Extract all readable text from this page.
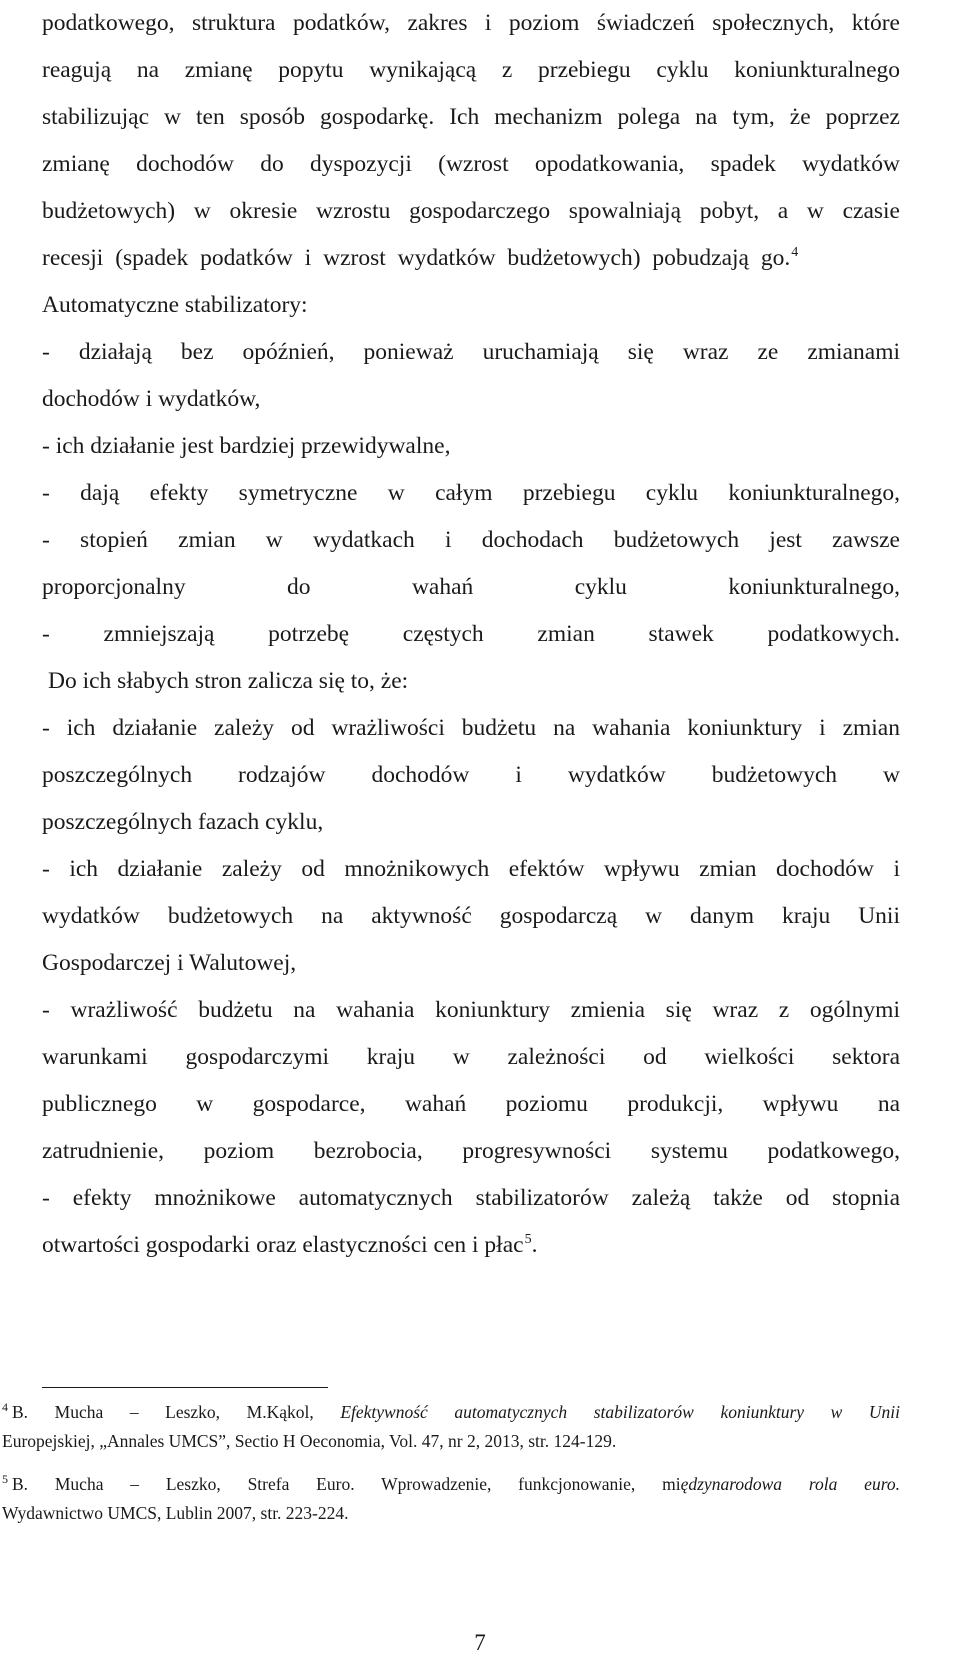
podatkowego, struktura podatków, zakres i poziom świadczeń społecznych, które
reagują na zmianę popytu wynikającą z przebiegu cyklu koniunkturalnego
stabilizując w ten sposób gospodarkę. Ich mechanizm polega na tym, że poprzez
zmianę dochodów do dyspozycji (wzrost opodatkowania, spadek wydatków
budżetowych) w okresie wzrostu gospodarczego spowalniają pobyt, a w czasie
recesji (spadek podatków i wzrost wydatków budżetowych) pobudzają go.$^4$
Automatyczne stabilizatory:
- działają bez opóźnień, ponieważ uruchamiają się wraz ze zmianami
dochodów i wydatków,
- ich działanie jest bardziej przewidywalne,
- dają efekty symetryczne w całym przebiegu cyklu koniunkturalnego,
- stopień zmian w wydatkach i dochodach budżetowych jest zawsze
proporcjonalny do wahań cyklu koniunkturalnego,
- zmniejszają potrzebę częstych zmian stawek podatkowych.
Do ich słabych stron zalicza się to, że:
- ich działanie zależy od wrażliwości budżetu na wahania koniunktury i zmian
poszczególnych rodzajów dochodów i wydatków budżetowych w
poszczególnych fazach cyklu,
- ich działanie zależy od mnożnikowych efektów wpływu zmian dochodów i
wydatków budżetowych na aktywność gospodarczą w danym kraju Unii
Gospodarczej i Walutowej,
- wrażliwość budżetu na wahania koniunktury zmienia się wraz z ogólnymi
warunkami gospodarczymi kraju w zależności od wielkości sektora
publicznego w gospodarce, wahań poziomu produkcji, wpływu na
zatrudnienie, poziom bezrobocia, progresywności systemu podatkowego,
- efekty mnożnikowe automatycznych stabilizatorów zależą także od stopnia
otwartości gospodarki oraz elastyczności cen i płac$^5$.
$^4$ B. Mucha – Leszko, M.Kąkol, Efektywność automatycznych stabilizatorów koniunktury w Unii
Europejskiej, „Annales UMCS”, Sectio H Oeconomia, Vol. 47, nr 2, 2013, str. 124-129.
$^5$ B. Mucha – Leszko, Strefa Euro. Wprowadzenie, funkcjonowanie, międzynarodowa rola euro.
Wydawnictwo UMCS, Lublin 2007, str. 223-224.
7
